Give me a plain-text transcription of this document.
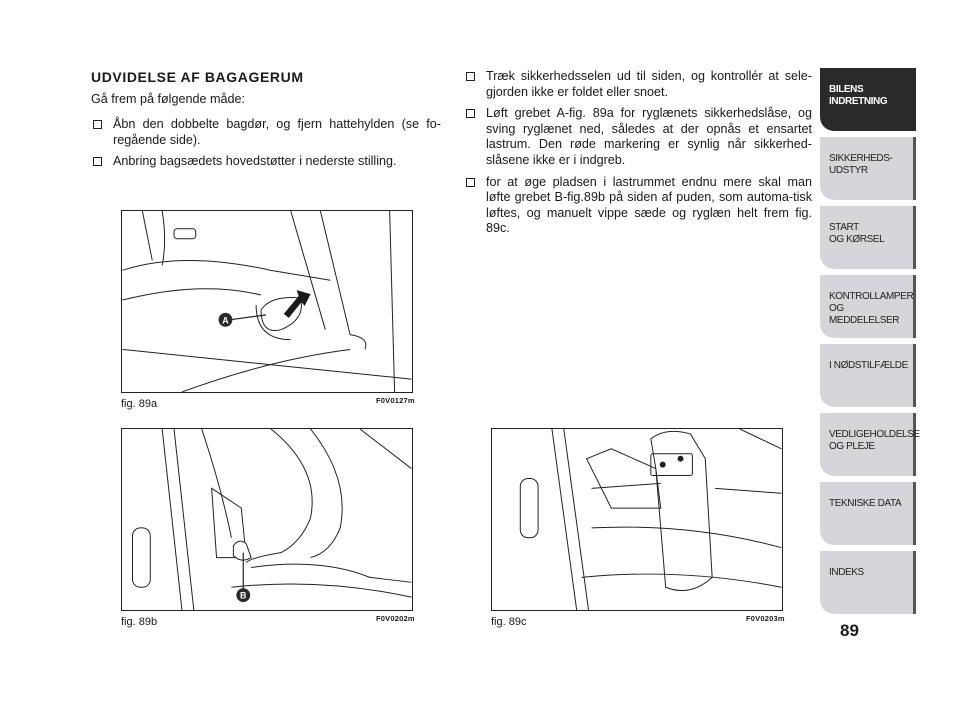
UDVIDELSE AF BAGAGERUM
Gå frem på følgende måde:
Åbn den dobbelte bagdør, og fjern hattehylden (se fo-regående side).
Anbring bagsædets hovedstøtter i nederste stilling.
Træk sikkerhedsselen ud til siden, og kontrollér at sele-gjorden ikke er foldet eller snoet.
Løft grebet A-fig. 89a for ryglænets sikkerhedslåse, og sving ryglænet ned, således at der opnås et ensartet lastrum. Den røde markering er synlig når sikkerhed-slåsene ikke er i indgreb.
for at øge pladsen i lastrummet endnu mere skal man løfte grebet B-fig.89b på siden af puden, som automa-tisk løftes, og manuelt vippe sæde og ryglæn helt frem fig. 89c.
A
fig. 89a	F0V0127m
B
fig. 89b	F0V0202m	fig. 89c	F0V0203m
BILENS
INDRETNING
SIKKERHEDS-
UDSTYR
START
OG KØRSEL
KONTROLLAMPER
OG MEDDELELSER
I NØDSTILFÆLDE
VEDLIGEHOLDELSE
OG PLEJE
TEKNISKE DATA
INDEKS
89
